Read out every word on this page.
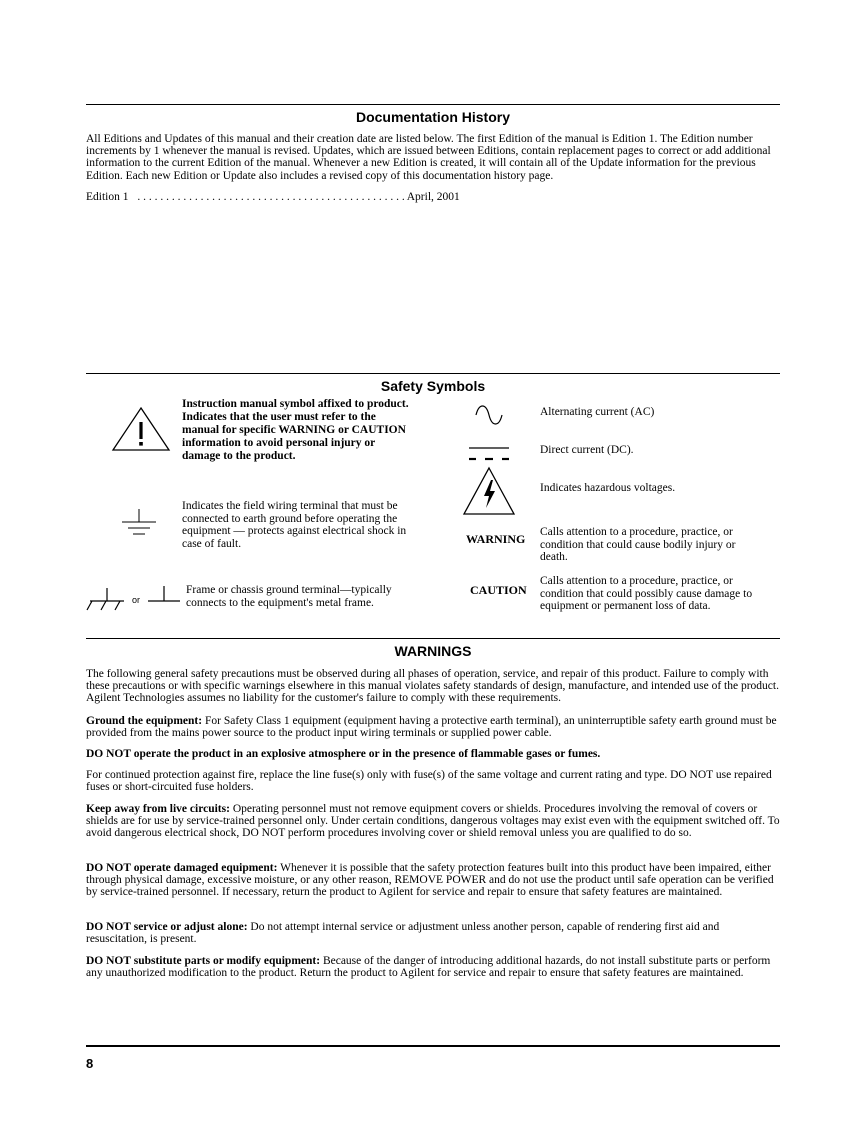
Documentation History
All Editions and Updates of this manual and their creation date are listed below. The first Edition of the manual is Edition 1. The Edition number increments by 1 whenever the manual is revised. Updates, which are issued between Editions, contain replacement pages to correct or add additional information to the current Edition of the manual. Whenever a new Edition is created, it will contain all of the Update information for the previous Edition. Each new Edition or Update also includes a revised copy of this documentation history page.
Edition 1 . . . . . . . . . . . . . . . . . . . . . . . . . . . . . . . . . . . . . . . . . . . . . . . April, 2001
Safety Symbols
Instruction manual symbol affixed to product. Indicates that the user must refer to the manual for specific WARNING or CAUTION information to avoid personal injury or damage to the product.
Indicates the field wiring terminal that must be connected to earth ground before operating the equipment — protects against electrical shock in case of fault.
or
Frame or chassis ground terminal—typically connects to the equipment's metal frame.
Alternating current (AC)
Direct current (DC).
Indicates hazardous voltages.
WARNING Calls attention to a procedure, practice, or condition that could cause bodily injury or death.
CAUTION
Calls attention to a procedure, practice, or condition that could possibly cause damage to equipment or permanent loss of data.
WARNINGS
The following general safety precautions must be observed during all phases of operation, service, and repair of this product. Failure to comply with these precautions or with specific warnings elsewhere in this manual violates safety standards of design, manufacture, and intended use of the product. Agilent Technologies assumes no liability for the customer's failure to comply with these requirements.
Ground the equipment: For Safety Class 1 equipment (equipment having a protective earth terminal), an uninterruptible safety earth ground must be provided from the mains power source to the product input wiring terminals or supplied power cable.
DO NOT operate the product in an explosive atmosphere or in the presence of flammable gases or fumes.
For continued protection against fire, replace the line fuse(s) only with fuse(s) of the same voltage and current rating and type. DO NOT use repaired fuses or short-circuited fuse holders.
Keep away from live circuits: Operating personnel must not remove equipment covers or shields. Procedures involving the removal of covers or shields are for use by service-trained personnel only. Under certain conditions, dangerous voltages may exist even with the equipment switched off. To avoid dangerous electrical shock, DO NOT perform procedures involving cover or shield removal unless you are qualified to do so.
DO NOT operate damaged equipment: Whenever it is possible that the safety protection features built into this product have been impaired, either through physical damage, excessive moisture, or any other reason, REMOVE POWER and do not use the product until safe operation can be verified by service-trained personnel. If necessary, return the product to Agilent for service and repair to ensure that safety features are maintained.
DO NOT service or adjust alone: Do not attempt internal service or adjustment unless another person, capable of rendering first aid and resuscitation, is present.
DO NOT substitute parts or modify equipment: Because of the danger of introducing additional hazards, do not install substitute parts or perform any unauthorized modification to the product. Return the product to Agilent for service and repair to ensure that safety features are maintained.
8
